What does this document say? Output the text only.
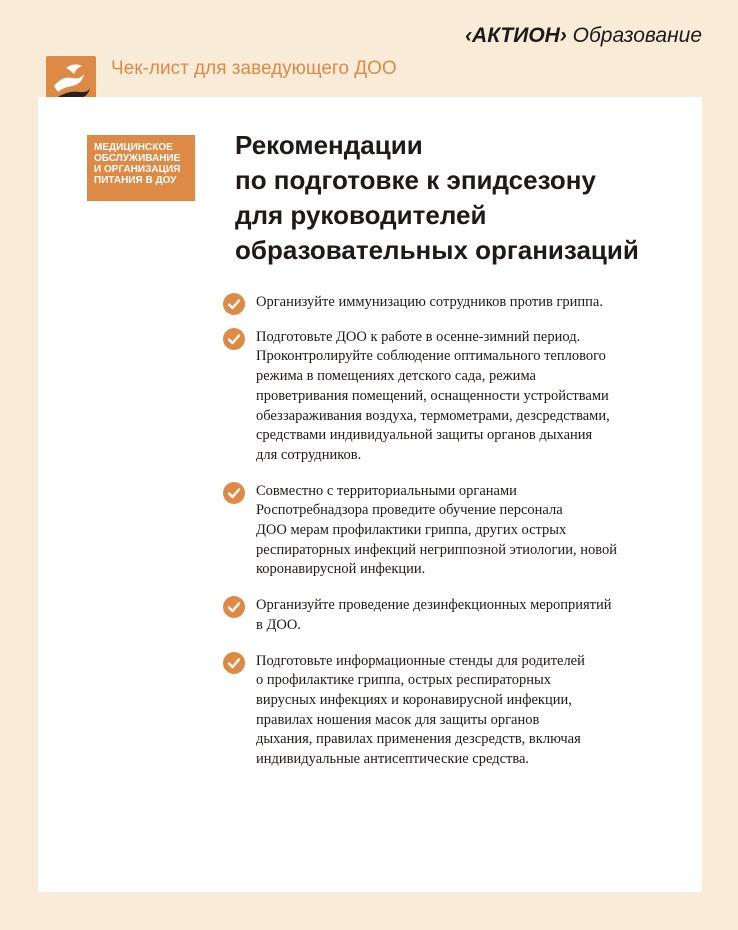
‹АКТИОН› Образование
Чек-лист для заведующего ДОО
МЕДИЦИНСКОЕ
ОБСЛУЖИВАНИЕ
И ОРГАНИЗАЦИЯ
ПИТАНИЯ В ДОУ
Рекомендации
по подготовке к эпидсезону
для руководителей
образовательных организаций
Организуйте иммунизацию сотрудников против гриппа.
Подготовьте ДОО к работе в осенне-зимний период.
Проконтролируйте соблюдение оптимального теплового
режима в помещениях детского сада, режима
проветривания помещений, оснащенности устройствами
обеззараживания воздуха, термометрами, дезсредствами,
средствами индивидуальной защиты органов дыхания
для сотрудников.
Совместно с территориальными органами
Роспотребнадзора проведите обучение персонала
ДОО мерам профилактики гриппа, других острых
респираторных инфекций негриппозной этиологии, новой
коронавирусной инфекции.
Организуйте проведение дезинфекционных мероприятий
в ДОО.
Подготовьте информационные стенды для родителей
о профилактике гриппа, острых респираторных
вирусных инфекциях и коронавирусной инфекции,
правилах ношения масок для защиты органов
дыхания, правилах применения дезсредств, включая
индивидуальные антисептические средства.
